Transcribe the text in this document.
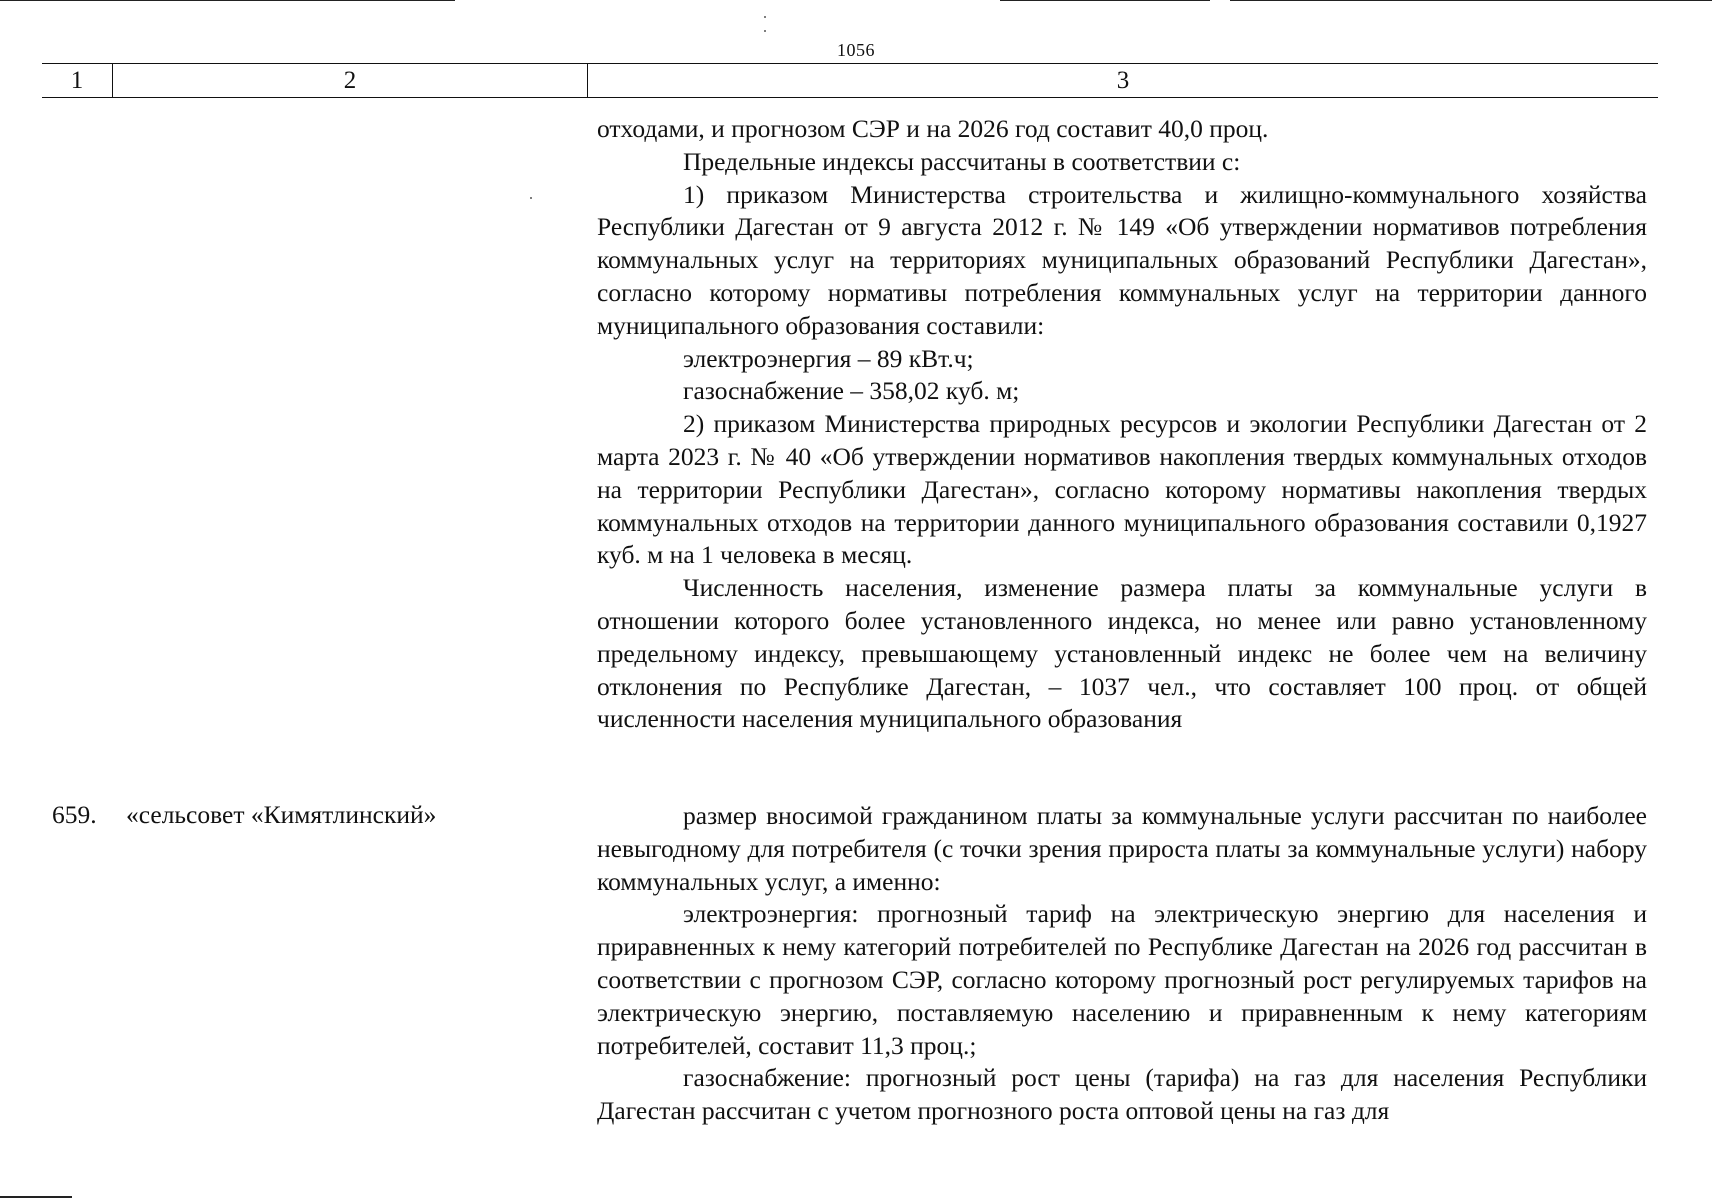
1056
1	2	3

отходами, и прогнозом СЭР и на 2026 год составит 40,0 проц.

Предельные индексы рассчитаны в соответствии с:

1) приказом Министерства строительства и жилищно-коммунального хозяйства Республики Дагестан от 9 августа 2012 г. № 149 «Об утверждении нормативов потребления коммунальных услуг на территориях муниципальных образований Республики Дагестан», согласно которому нормативы потребления коммунальных услуг на территории данного муниципального образования составили:

электроэнергия – 89 кВт.ч;

газоснабжение – 358,02 куб. м;

2) приказом Министерства природных ресурсов и экологии Республики Дагестан от 2 марта 2023 г. № 40 «Об утверждении нормативов накопления твердых коммунальных отходов на территории Республики Дагестан», согласно которому нормативы накопления твердых коммунальных отходов на территории данного муниципального образования составили 0,1927 куб. м на 1 человека в месяц.

Численность населения, изменение размера платы за коммунальные услуги в отношении которого более установленного индекса, но менее или равно установленному предельному индексу, превышающему установленный индекс не более чем на величину отклонения по Республике Дагестан, – 1037 чел., что составляет 100 проц. от общей численности населения муниципального образования

659. «сельсовет «Кимятлинский»	размер вносимой гражданином платы за коммунальные услуги рассчитан по наиболее невыгодному для потребителя (с точки зрения прироста платы за коммунальные услуги) набору коммунальных услуг, а именно:

электроэнергия: прогнозный тариф на электрическую энергию для населения и приравненных к нему категорий потребителей по Республике Дагестан на 2026 год рассчитан в соответствии с прогнозом СЭР, согласно которому прогнозный рост регулируемых тарифов на электрическую энергию, поставляемую населению и приравненным к нему категориям потребителей, составит 11,3 проц.;

газоснабжение: прогнозный рост цены (тарифа) на газ для населения Республики Дагестан рассчитан с учетом прогнозного роста оптовой цены на газ для
